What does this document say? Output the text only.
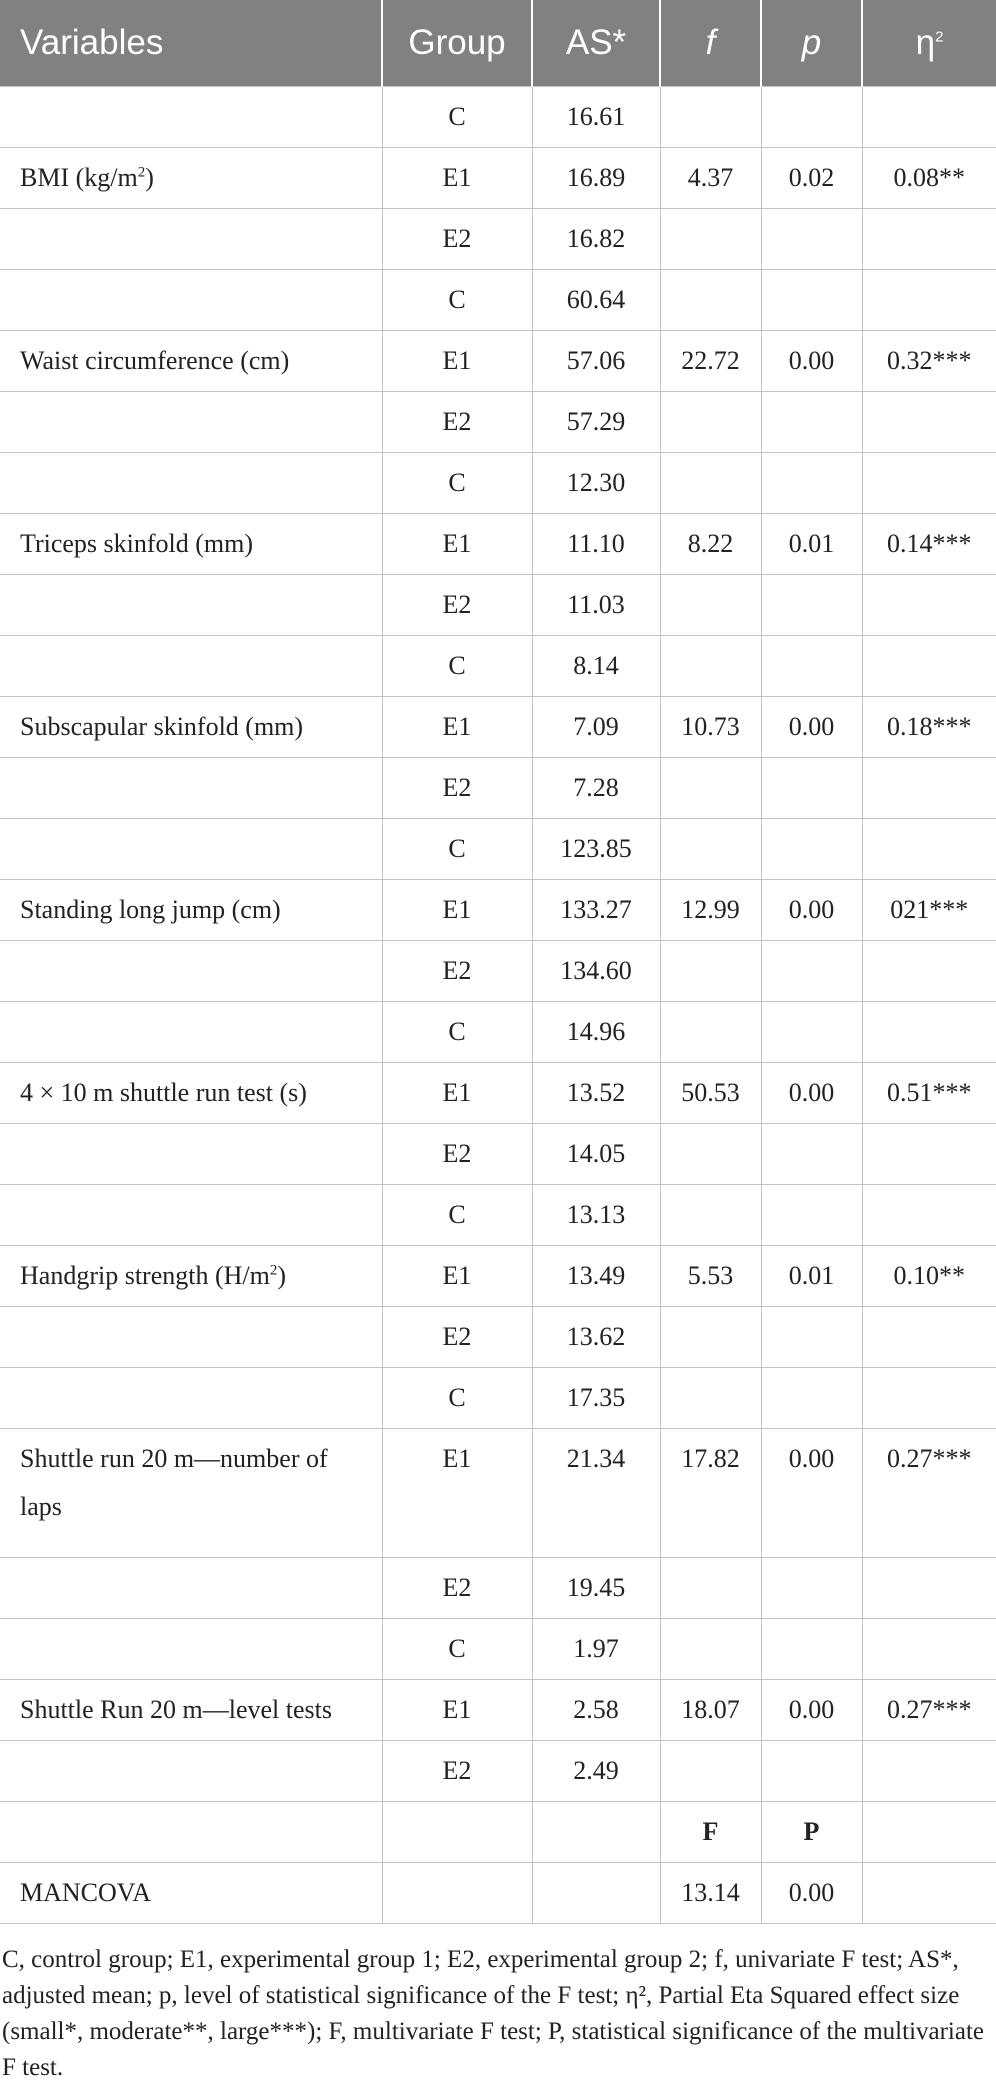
Variables	Group	AS*	f	p	$\eta^2$
	C	16.61			
BMI $(kg/m^2)$	E1	16.89	4.37	0.02	0.08**
	E2	16.82			
	C	60.64			
Waist circumference (cm)	E1	57.06	22.72	0.00	0.32***
	E2	57.29			
	C	12.30			
Triceps skinfold (mm)	E1	11.10	8.22	0.01	0.14***
	E2	11.03			
	C	8.14			
Subscapular skinfold (mm)	E1	7.09	10.73	0.00	0.18***
	E2	7.28			
	C	123.85			
Standing long jump (cm)	E1	133.27	12.99	0.00	021***
	E2	134.60			
	C	14.96			
4 × 10 m shuttle run test (s)	E1	13.52	50.53	0.00	0.51***
	E2	14.05			
	C	13.13			
Handgrip strength $(H/m^2)$	E1	13.49	5.53	0.01	0.10**
	E2	13.62			
	C	17.35			
Shuttle run 20 m—number of laps	E1	21.34	17.82	0.00	0.27***
	E2	19.45			
	C	1.97			
Shuttle Run 20 m—level tests	E1	2.58	18.07	0.00	0.27***
	E2	2.49			
			F	P	
MANCOVA			13.14	0.00	
C, control group; E1, experimental group 1; E2, experimental group 2; f, univariate F test; AS*, adjusted mean; p, level of statistical significance of the F test; η², Partial Eta Squared effect size (small*, moderate**, large***); F, multivariate F test; P, statistical significance of the multivariate F test.
